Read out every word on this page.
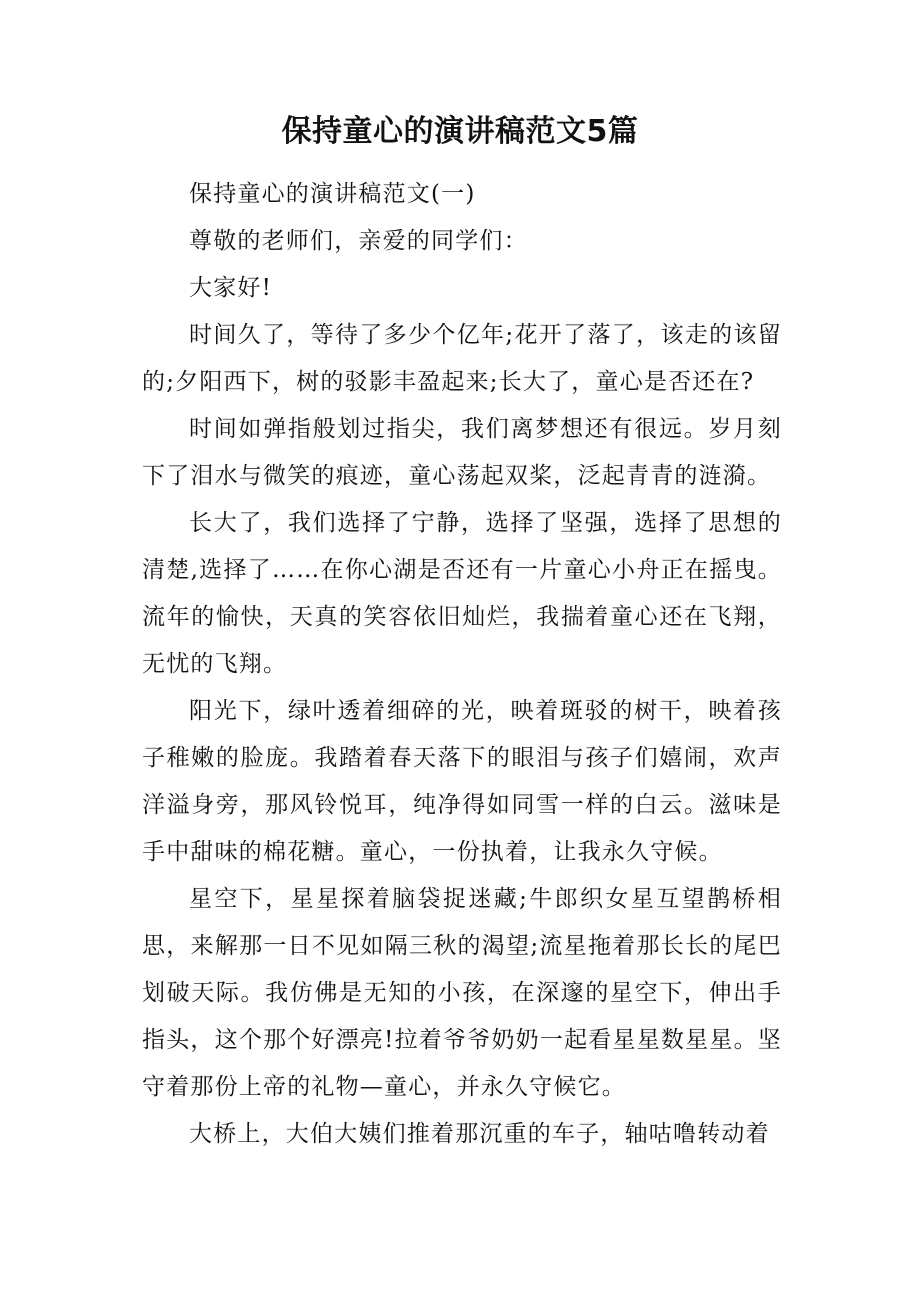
保持童心的演讲稿范文5篇

保持童心的演讲稿范文(一)

尊敬的老师们，亲爱的同学们：

大家好!

时间久了，等待了多少个亿年;花开了落了，该走的该留的;夕阳西下，树的驳影丰盈起来;长大了，童心是否还在?

时间如弹指般划过指尖，我们离梦想还有很远。岁月刻下了泪水与微笑的痕迹，童心荡起双桨，泛起青青的涟漪。

长大了，我们选择了宁静，选择了坚强，选择了思想的清楚,选择了……在你心湖是否还有一片童心小舟正在摇曳。流年的愉快，天真的笑容依旧灿烂，我揣着童心还在飞翔，无忧的飞翔。

阳光下，绿叶透着细碎的光，映着斑驳的树干，映着孩子稚嫩的脸庞。我踏着春天落下的眼泪与孩子们嬉闹，欢声洋溢身旁，那风铃悦耳，纯净得如同雪一样的白云。滋味是手中甜味的棉花糖。童心，一份执着，让我永久守候。

星空下，星星探着脑袋捉迷藏;牛郎织女星互望鹊桥相思，来解那一日不见如隔三秋的渴望;流星拖着那长长的尾巴划破天际。我仿佛是无知的小孩，在深邃的星空下，伸出手指头，这个那个好漂亮!拉着爷爷奶奶一起看星星数星星。坚守着那份上帝的礼物—童心，并永久守候它。

大桥上，大伯大姨们推着那沉重的车子，轴咕噜转动着
